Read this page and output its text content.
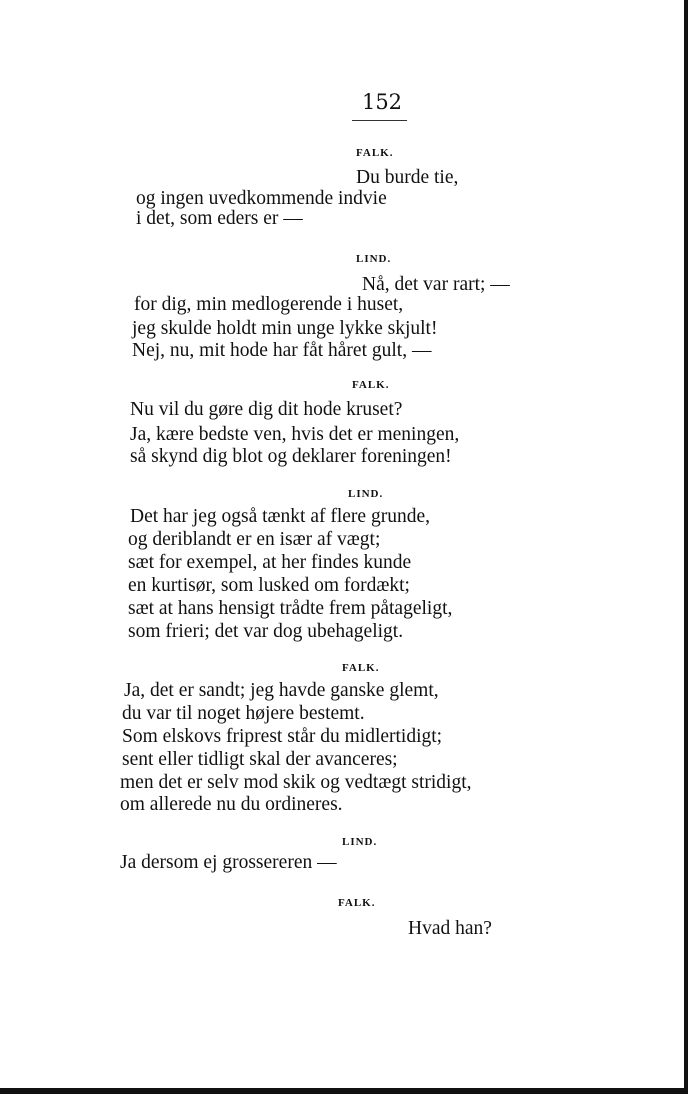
152
FALK.
Du burde tie,
og ingen uvedkommende indvie
i det, som eders er —
LIND.
Nå, det var rart; —
for dig, min medlogerende i huset,
jeg skulde holdt min unge lykke skjult!
Nej, nu, mit hode har fåt håret gult, —
FALK.
Nu vil du gøre dig dit hode kruset?
Ja, kære bedste ven, hvis det er meningen,
så skynd dig blot og deklarer foreningen!
LIND.
Det har jeg også tænkt af flere grunde,
og deriblandt er en især af vægt;
sæt for exempel, at her findes kunde
en kurtisør, som lusked om fordækt;
sæt at hans hensigt trådte frem påtageligt,
som frieri; det var dog ubehageligt.
FALK.
Ja, det er sandt; jeg havde ganske glemt,
du var til noget højere bestemt.
Som elskovs friprest står du midlertidigt;
sent eller tidligt skal der avanceres;
men det er selv mod skik og vedtægt stridigt,
om allerede nu du ordineres.
LIND.
Ja dersom ej grossereren —
FALK.
Hvad han?
